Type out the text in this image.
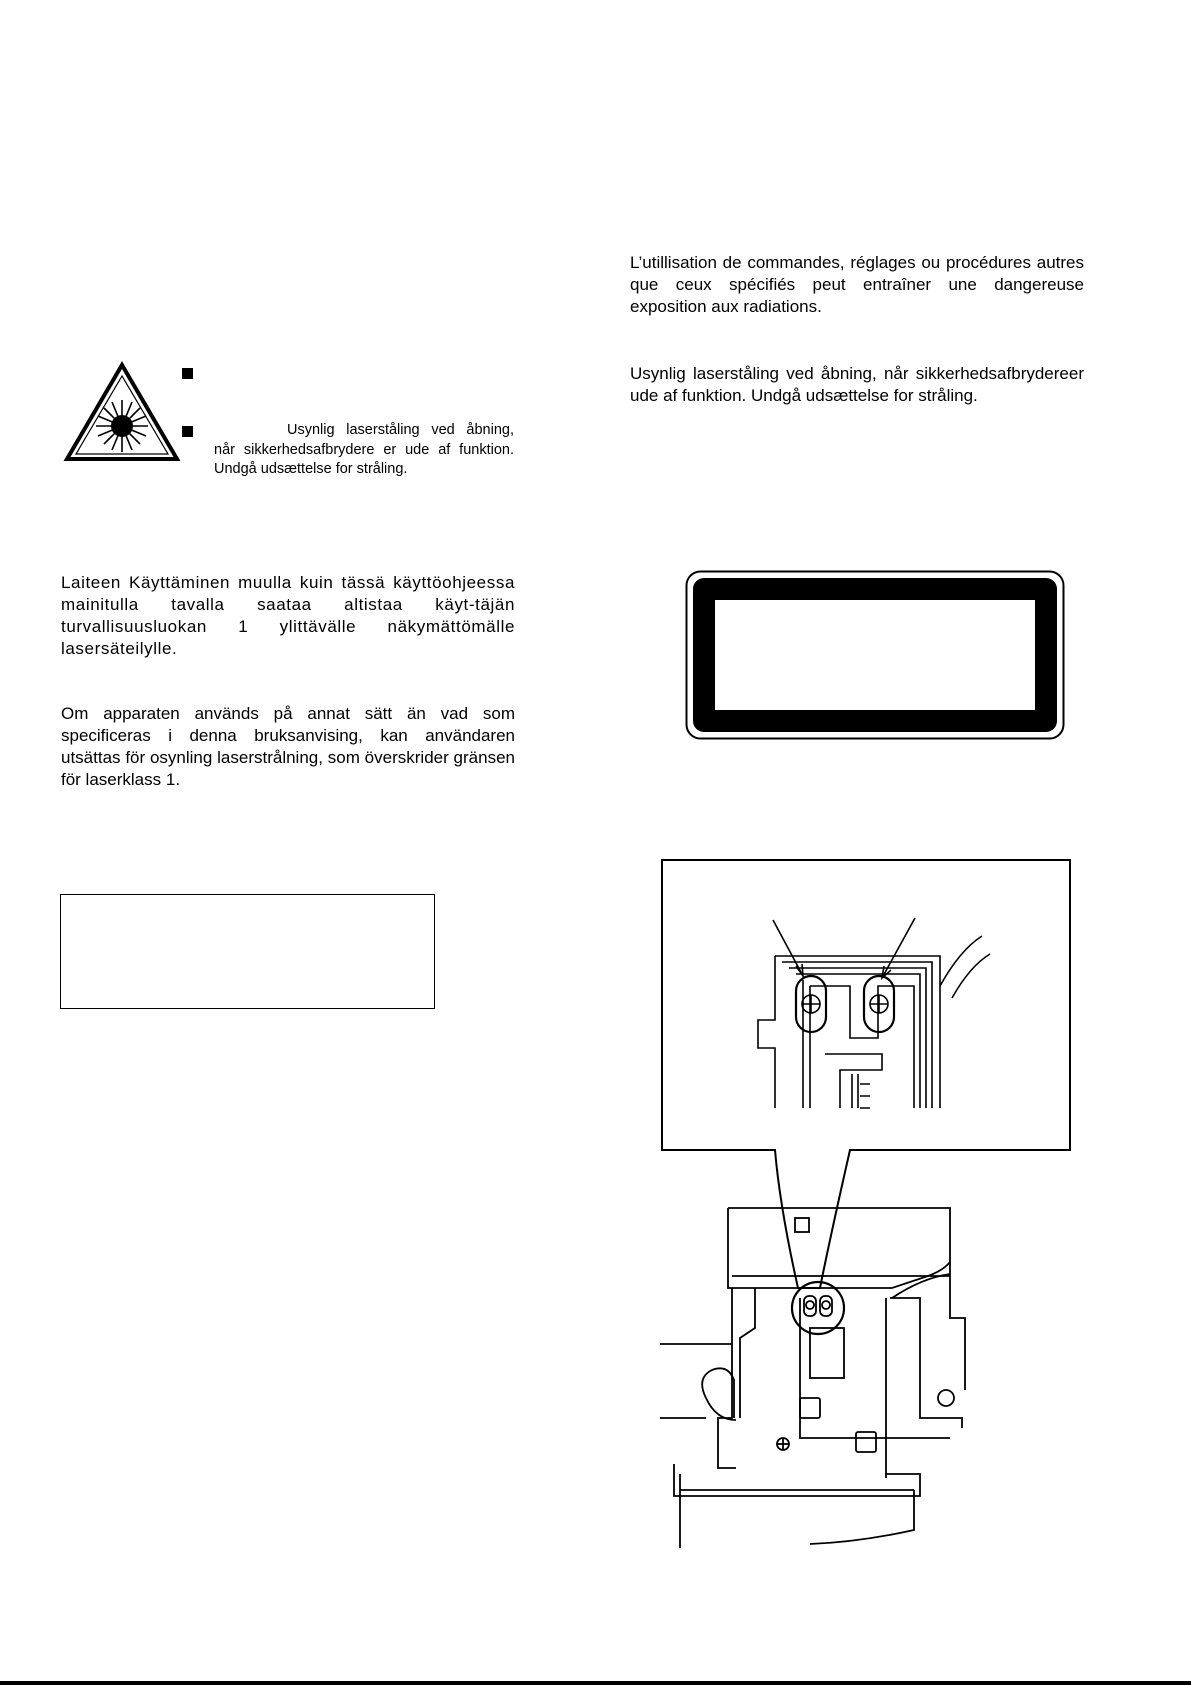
L’utillisation de commandes, réglages ou procédures autres que ceux spécifiés peut entraîner une dangereuse exposition aux radiations.

Usynlig laserståling ved åbning, når sikkerhedsafbrydereer ude af funktion. Undgå udsættelse for stråling.

Usynlig laserståling ved åbning, når sikkerhedsafbrydere er ude af funktion. Undgå udsættelse for stråling.

Laiteen Käyttäminen muulla kuin tässä käyttöohjeessa mainitulla tavalla saataa altistaa käyt-täjän turvallisuusluokan 1 ylittävälle näkymättömälle lasersäteilylle.

Om apparaten används på annat sätt än vad som specificeras i denna bruksanvising, kan användaren utsättas för osynling laserstrålning, som överskrider gränsen för laserklass 1.
